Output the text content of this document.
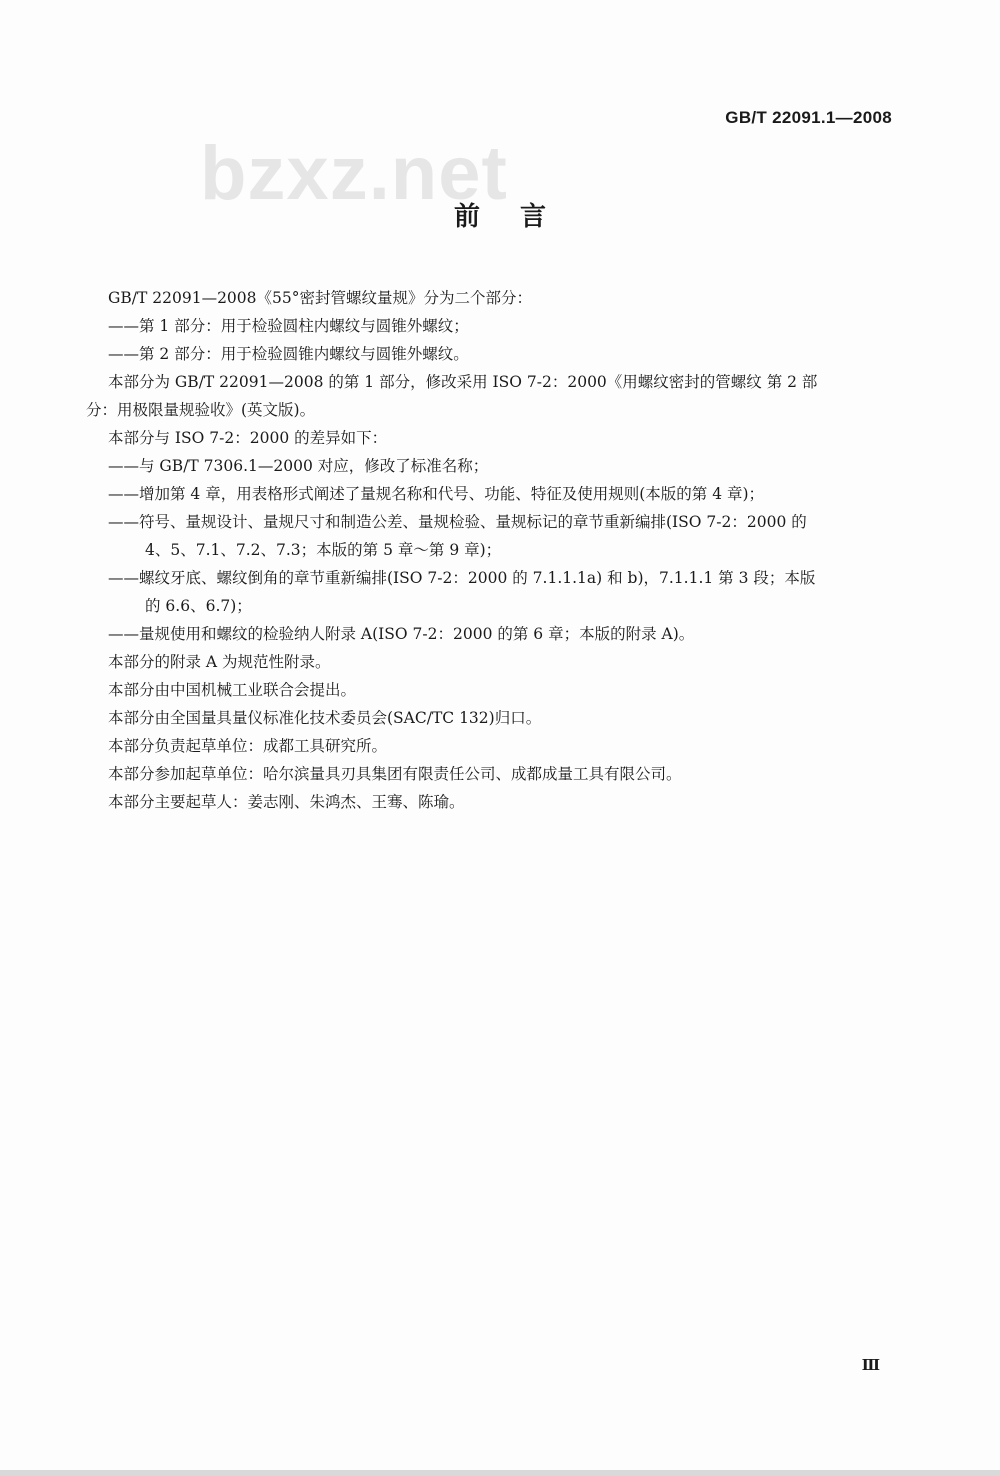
GB/T 22091.1—2008
bzxz.net
前言

GB/T 22091—2008《55°密封管螺纹量规》分为二个部分：

——第 1 部分：用于检验圆柱内螺纹与圆锥外螺纹；

——第 2 部分：用于检验圆锥内螺纹与圆锥外螺纹。

本部分为 GB/T 22091—2008 的第 1 部分，修改采用 ISO 7-2：2000《用螺纹密封的管螺纹 第 2 部

分：用极限量规验收》(英文版)。

本部分与 ISO 7-2：2000 的差异如下：

——与 GB/T 7306.1—2000 对应，修改了标准名称；

——增加第 4 章，用表格形式阐述了量规名称和代号、功能、特征及使用规则(本版的第 4 章)；

——符号、量规设计、量规尺寸和制造公差、量规检验、量规标记的章节重新编排(ISO 7-2：2000 的

4、5、7.1、7.2、7.3；本版的第 5 章～第 9 章)；

——螺纹牙底、螺纹倒角的章节重新编排(ISO 7-2：2000 的 7.1.1.1a) 和 b)，7.1.1.1 第 3 段；本版

的 6.6、6.7)；

——量规使用和螺纹的检验纳人附录 A(ISO 7-2：2000 的第 6 章；本版的附录 A)。

本部分的附录 A 为规范性附录。

本部分由中国机械工业联合会提出。

本部分由全国量具量仪标准化技术委员会(SAC/TC 132)归口。

本部分负责起草单位：成都工具研究所。

本部分参加起草单位：哈尔滨量具刃具集团有限责任公司、成都成量工具有限公司。

本部分主要起草人：姜志刚、朱鸿杰、王骞、陈瑜。

Ⅲ
